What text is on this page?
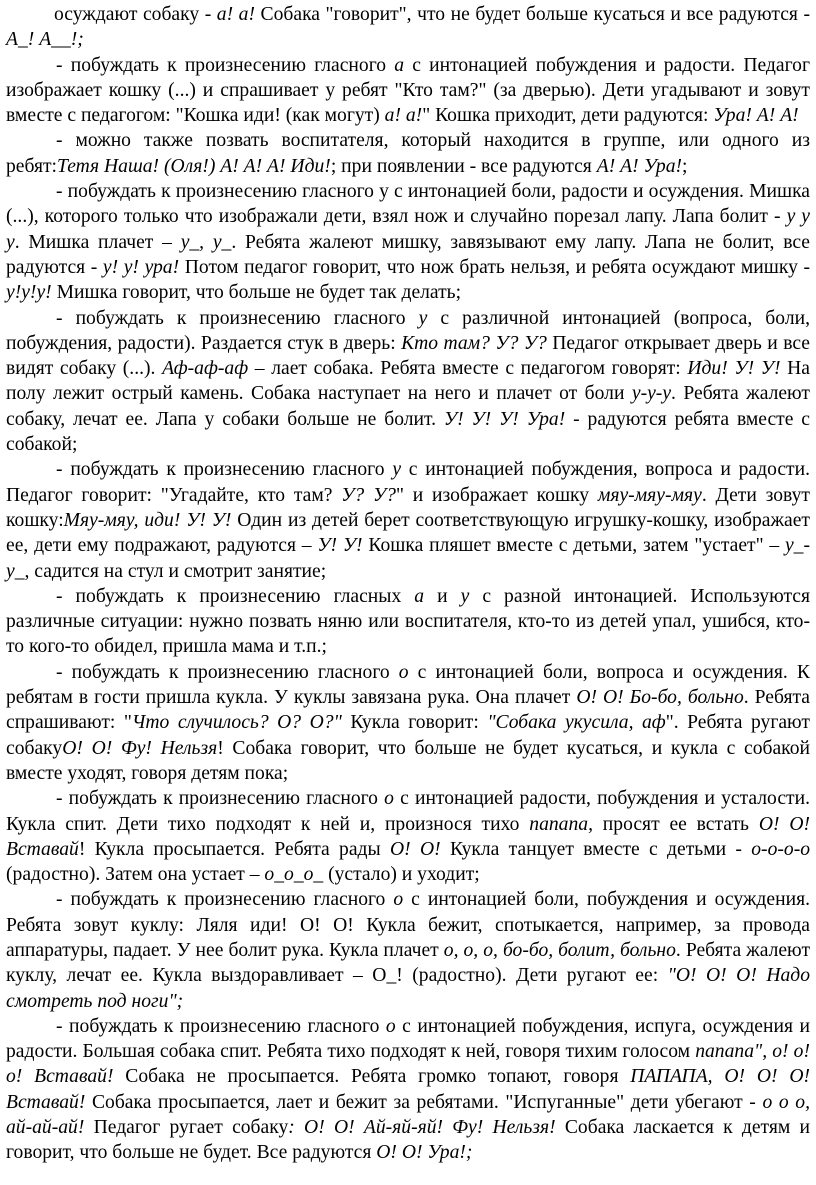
осуждают собаку - а! а! Собака "говорит", что не будет больше кусаться и все радуются - А_! А__!;

- побуждать к произнесению гласного а с интонацией побуждения и радости. Педагог изображает кошку (...) и спрашивает у ребят "Кто там?" (за дверью). Дети угадывают и зовут вместе с педагогом: "Кошка иди! (как могут) а! а!" Кошка приходит, дети радуются: Ура! А! А!

- можно также позвать воспитателя, который находится в группе, или одного из ребят:Тетя Наша! (Оля!) А! А! А! Иди!; при появлении - все радуются А! А! Ура!;

- побуждать к произнесению гласного у с интонацией боли, радости и осуждения. Мишка (...), которого только что изображали дети, взял нож и случайно порезал лапу. Лапа болит - у у у. Мишка плачет – у_, у_. Ребята жалеют мишку, завязывают ему лапу. Лапа не болит, все радуются - у! у! ура! Потом педагог говорит, что нож брать нельзя, и ребята осуждают мишку - у!у!у! Мишка говорит, что больше не будет так делать;

- побуждать к произнесению гласного у с различной интонацией (вопроса, боли, побуждения, радости). Раздается стук в дверь: Кто там? У? У? Педагог открывает дверь и все видят собаку (...). Аф-аф-аф – лает собака. Ребята вместе с педагогом говорят: Иди! У! У! На полу лежит острый камень. Собака наступает на него и плачет от боли у-у-у. Ребята жалеют собаку, лечат ее. Лапа у собаки больше не болит. У! У! У! Ура! - радуются ребята вместе с собакой;

- побуждать к произнесению гласного у с интонацией побуждения, вопроса и радости. Педагог говорит: "Угадайте, кто там? У? У?" и изображает кошку мяу-мяу-мяу. Дети зовут кошку:Мяу-мяу, иди! У! У! Один из детей берет соответствующую игрушку-кошку, изображает ее, дети ему подражают, радуются – У! У! Кошка пляшет вместе с детьми, затем "устает" – у_-у_, садится на стул и смотрит занятие;

- побуждать к произнесению гласных а и у с разной интонацией. Используются различные ситуации: нужно позвать няню или воспитателя, кто-то из детей упал, ушибся, кто-то кого-то обидел, пришла мама и т.п.;

- побуждать к произнесению гласного о с интонацией боли, вопроса и осуждения. К ребятам в гости пришла кукла. У куклы завязана рука. Она плачет О! О! Бо-бо, больно. Ребята спрашивают: "Что случилось? О? О?" Кукла говорит: "Собака укусила, аф". Ребята ругают собакуО! О! Фу! Нельзя! Собака говорит, что больше не будет кусаться, и кукла с собакой вместе уходят, говоря детям пока;

- побуждать к произнесению гласного о с интонацией радости, побуждения и усталости. Кукла спит. Дети тихо подходят к ней и, произнося тихо папапа, просят ее встать О! О! Вставай! Кукла просыпается. Ребята рады О! О! Кукла танцует вместе с детьми - о-о-о-о (радостно). Затем она устает – о_о_о_ (устало) и уходит;

- побуждать к произнесению гласного о с интонацией боли, побуждения и осуждения. Ребята зовут куклу: Ляля иди! О! О! Кукла бежит, спотыкается, например, за провода аппаратуры, падает. У нее болит рука. Кукла плачет о, о, о, бо-бо, болит, больно. Ребята жалеют куклу, лечат ее. Кукла выздоравливает – О_! (радостно). Дети ругают ее: "О! О! О! Надо смотреть под ноги";

- побуждать к произнесению гласного о с интонацией побуждения, испуга, осуждения и радости. Большая собака спит. Ребята тихо подходят к ней, говоря тихим голосом папапа", о! о! о! Вставай! Собака не просыпается. Ребята громко топают, говоря ПАПАПА, О! О! О! Вставай! Собака просыпается, лает и бежит за ребятами. "Испуганные" дети убегают - о о о, ай-ай-ай! Педагог ругает собаку: О! О! Ай-яй-яй! Фу! Нельзя! Собака ласкается к детям и говорит, что больше не будет. Все радуются О! О! Ура!;
